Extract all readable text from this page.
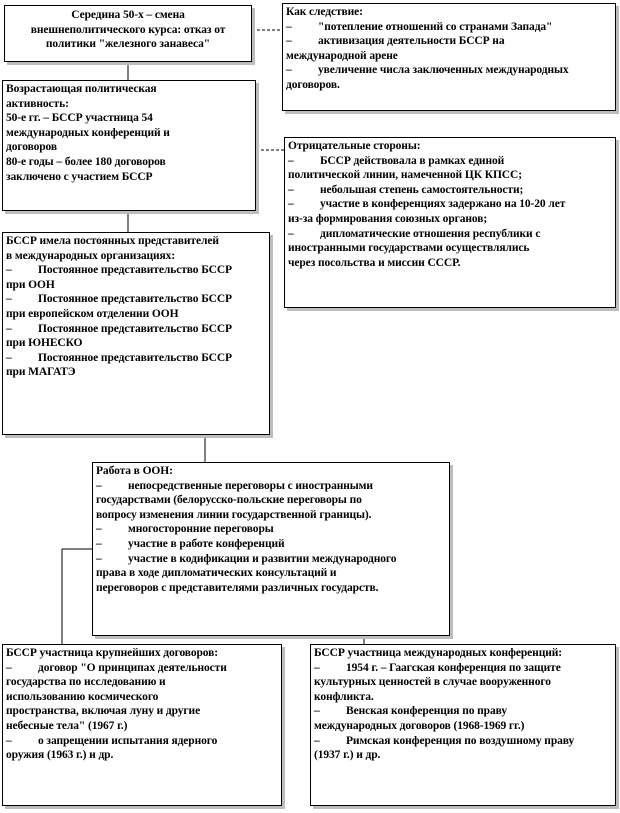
Середина 50-х – смена
внешнеполитического курса: отказ от
политики "железного занавеса"
Как следствие:
– "потепление отношений со странами Запада"
– активизация деятельности БССР на
международной арене
– увеличение числа заключенных международных
договоров.
Возрастающая политическая
активность:
50-е гг. – БССР участница 54
международных конференций и
договоров
80-е годы – более 180 договоров
заключено с участием БССР
Отрицательные стороны:
– БССР действовала в рамках единой
политической линии, намеченной ЦК КПСС;
– небольшая степень самостоятельности;
– участие в конференциях задержано на 10-20 лет
из-за формирования союзных органов;
– дипломатические отношения республики с
иностранными государствами осуществлялись
через посольства и миссии СССР.
БССР имела постоянных представителей
в международных организациях:
– Постоянное представительство БССР
при ООН
– Постоянное представительство БССР
при европейском отделении ООН
– Постоянное представительство БССР
при ЮНЕСКО
– Постоянное представительство БССР
при МАГАТЭ
Работа в ООН:
– непосредственные переговоры с иностранными
государствами (белорусско-польские переговоры по
вопросу изменения линии государственной границы).
– многосторонние переговоры
– участие в работе конференций
– участие в кодификации и развитии международного
права в ходе дипломатических консультаций и
переговоров с представителями различных государств.
БССР участница крупнейших договоров:
– договор "О принципах деятельности
государства по исследованию и
использованию космического
пространства, включая луну и другие
небесные тела" (1967 г.)
– о запрещении испытания ядерного
оружия (1963 г.) и др.
БССР участница международных конференций:
– 1954 г. – Гаагская конференция по защите
культурных ценностей в случае вооруженного
конфликта.
– Венская конференция по праву
международных договоров (1968-1969 гг.)
– Римская конференция по воздушному праву
(1937 г.) и др.
